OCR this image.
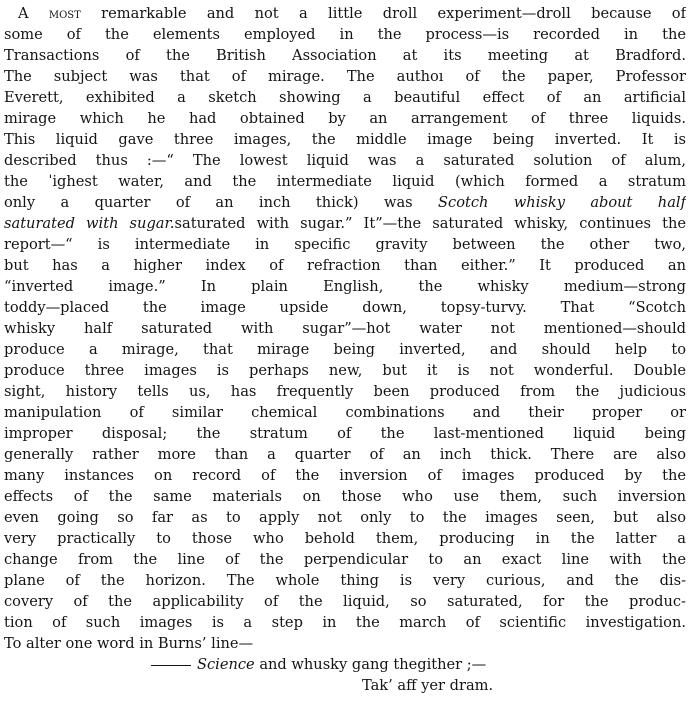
A most remarkable and not a little droll experiment—droll because of
some of the elements employed in the process—is recorded in the
Transactions of the British Association at its meeting at Bradford.
The subject was that of mirage. The authoı of the paper, Professor
Everett, exhibited a sketch showing a beautiful effect of an artificial
mirage which he had obtained by an arrangement of three liquids.
This liquid gave three images, the middle image being inverted. It is
described thus :—“ The lowest liquid was a saturated solution of alum,
the ˈighest water, and the intermediate liquid (which formed a stratum
only a quarter of an inch thick) was Scotch whisky about half
saturated with sugar.saturated with sugar.” It”—the saturated whisky, continues the
report—“ is intermediate in specific gravity between the other two,
but has a higher index of refraction than either.” It produced an
“inverted image.” In plain English, the whisky medium—strong
toddy—placed the image upside down, topsy-turvy. That “Scotch
whisky half saturated with sugar”—hot water not mentioned—should
produce a mirage, that mirage being inverted, and should help to
produce three images is perhaps new, but it is not wonderful. Double
sight, history tells us, has frequently been produced from the judicious
manipulation of similar chemical combinations and their proper or
improper disposal; the stratum of the last-mentioned liquid being
generally rather more than a quarter of an inch thick. There are also
many instances on record of the inversion of images produced by the
effects of the same materials on those who use them, such inversion
even going so far as to apply not only to the images seen, but also
very practically to those who behold them, producing in the latter a
change from the line of the perpendicular to an exact line with the
plane of the horizon. The whole thing is very curious, and the dis-
covery of the applicability of the liquid, so saturated, for the produc-
tion of such images is a step in the march of scientific investigation.
To alter one word in Burns’ line—
Science and whusky gang thegither ;—
Tak’ aff yer dram.
